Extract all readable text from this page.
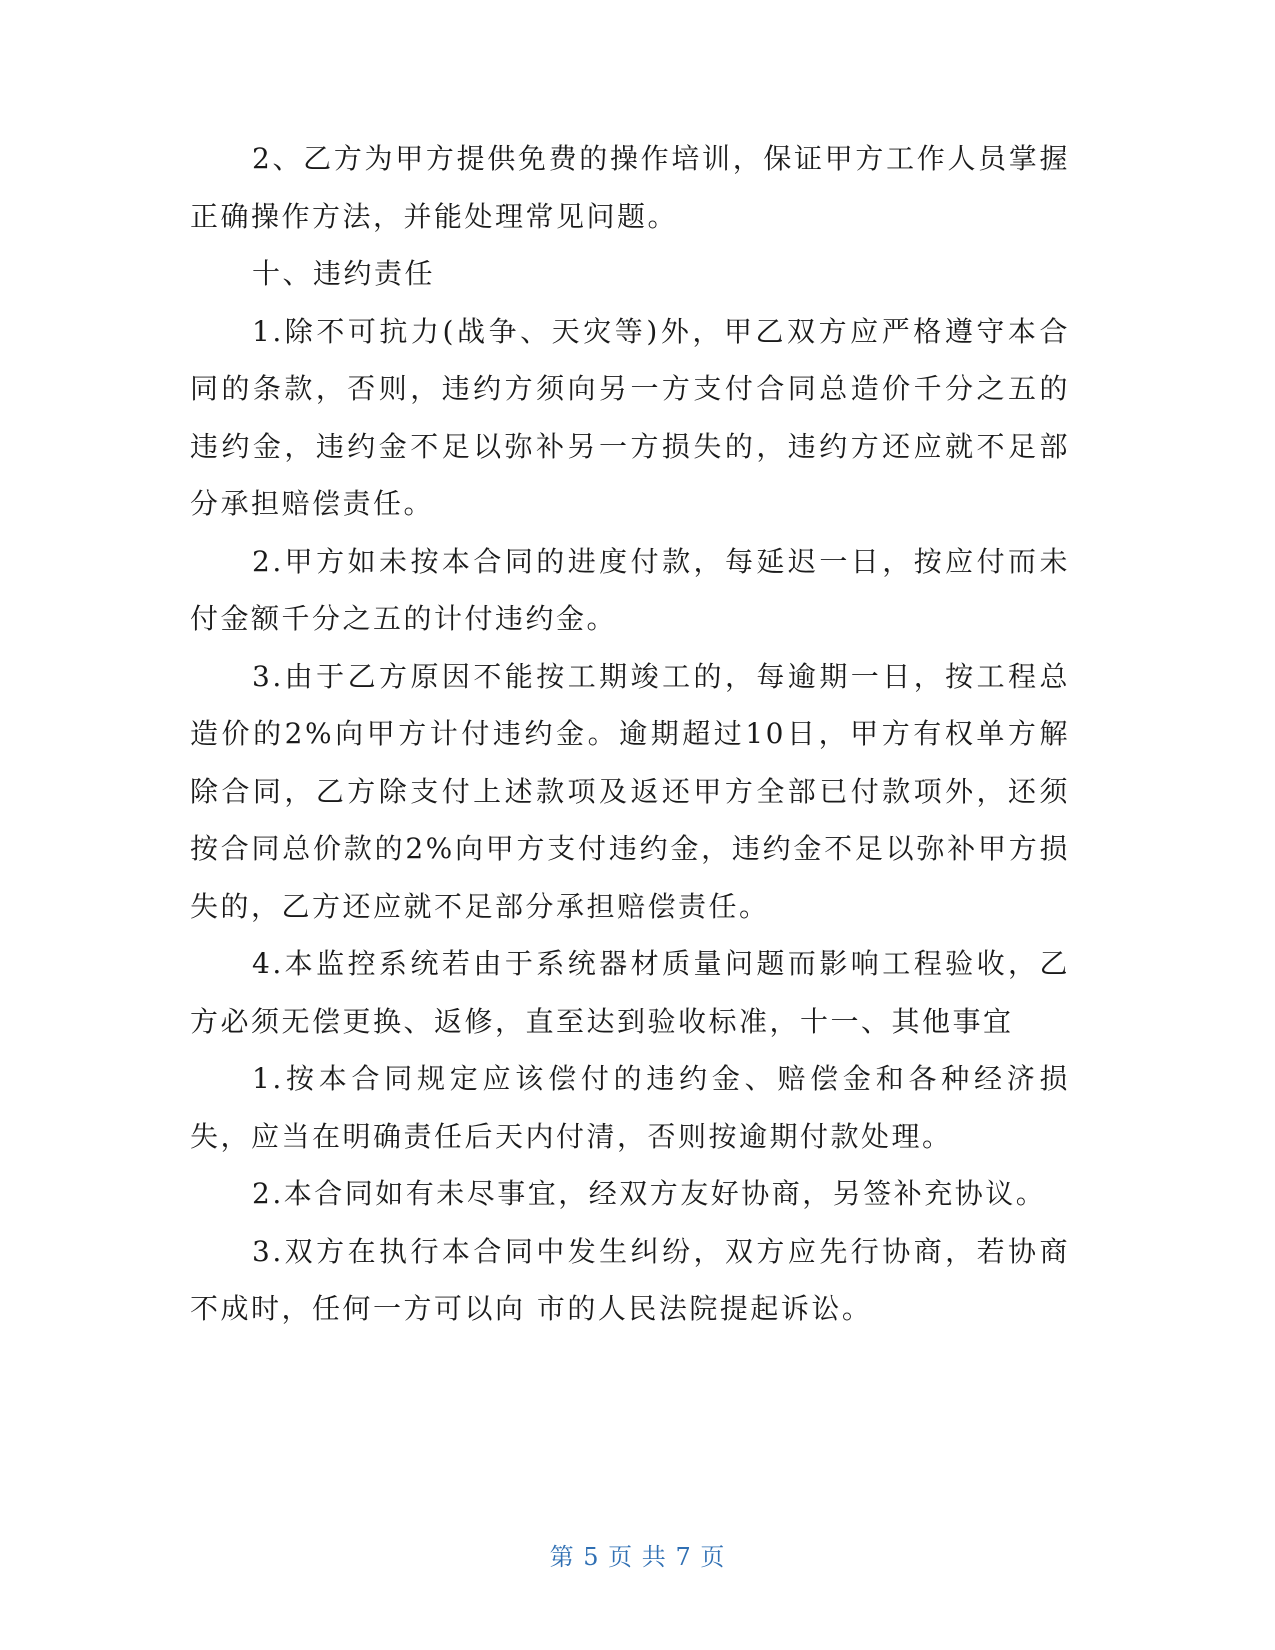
2、乙方为甲方提供免费的操作培训，保证甲方工作人员掌握正确操作方法，并能处理常见问题。

十、违约责任

1.除不可抗力(战争、天灾等)外，甲乙双方应严格遵守本合同的条款，否则，违约方须向另一方支付合同总造价千分之五的违约金，违约金不足以弥补另一方损失的，违约方还应就不足部分承担赔偿责任。

2.甲方如未按本合同的进度付款，每延迟一日，按应付而未付金额千分之五的计付违约金。

3.由于乙方原因不能按工期竣工的，每逾期一日，按工程总造价的2%向甲方计付违约金。逾期超过10日，甲方有权单方解除合同，乙方除支付上述款项及返还甲方全部已付款项外，还须按合同总价款的2%向甲方支付违约金，违约金不足以弥补甲方损失的，乙方还应就不足部分承担赔偿责任。

4.本监控系统若由于系统器材质量问题而影响工程验收，乙方必须无偿更换、返修，直至达到验收标准，十一、其他事宜

1.按本合同规定应该偿付的违约金、赔偿金和各种经济损失，应当在明确责任后天内付清，否则按逾期付款处理。

2.本合同如有未尽事宜，经双方友好协商，另签补充协议。

3.双方在执行本合同中发生纠纷，双方应先行协商，若协商不成时，任何一方可以向 市的人民法院提起诉讼。

第 5 页 共 7 页
